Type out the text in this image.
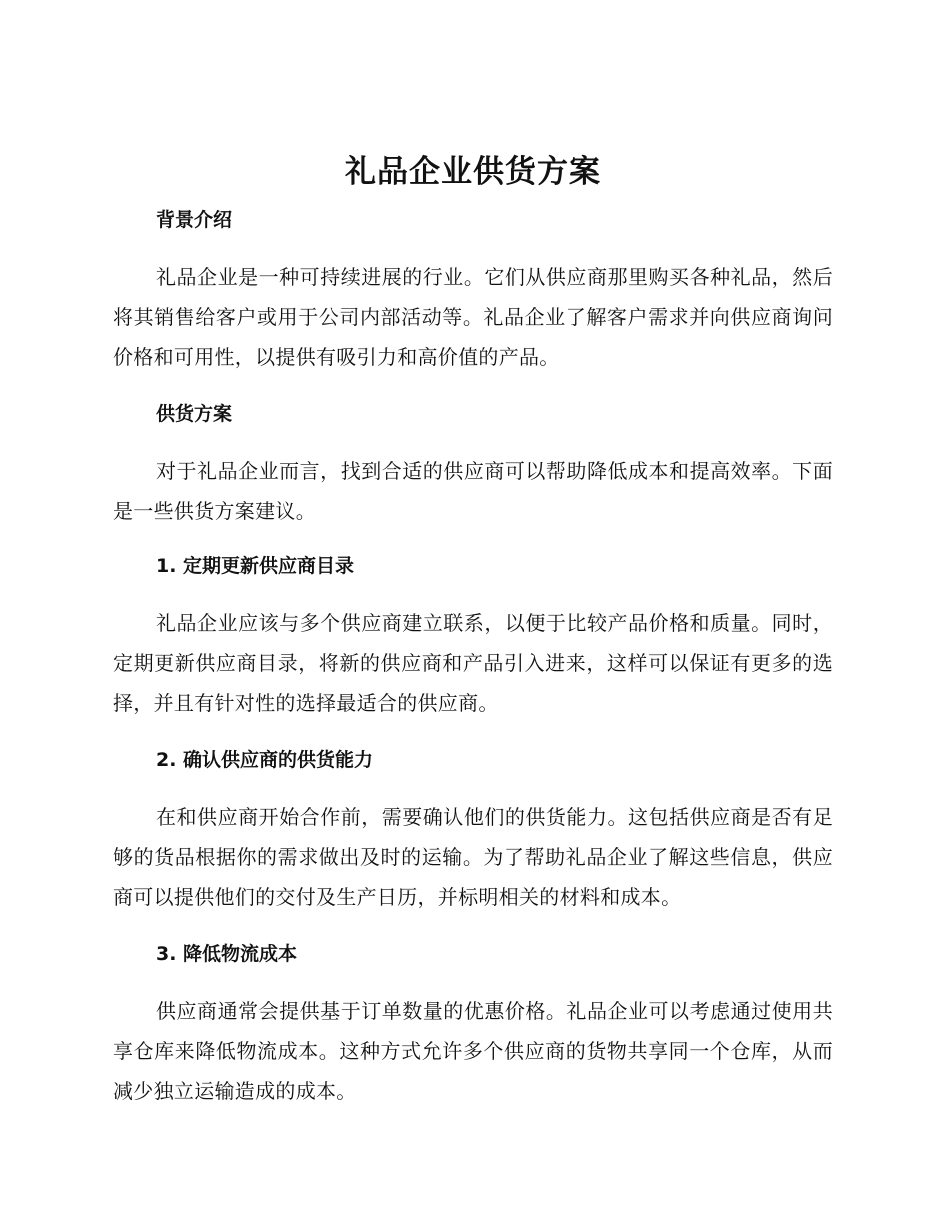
礼品企业供货方案
背景介绍

礼品企业是一种可持续进展的行业。它们从供应商那里购买各种礼品，然后将其销售给客户或用于公司内部活动等。礼品企业了解客户需求并向供应商询问价格和可用性，以提供有吸引力和高价值的产品。

供货方案

对于礼品企业而言，找到合适的供应商可以帮助降低成本和提高效率。下面是一些供货方案建议。

1. 定期更新供应商目录

礼品企业应该与多个供应商建立联系，以便于比较产品价格和质量。同时，定期更新供应商目录，将新的供应商和产品引入进来，这样可以保证有更多的选择，并且有针对性的选择最适合的供应商。

2. 确认供应商的供货能力

在和供应商开始合作前，需要确认他们的供货能力。这包括供应商是否有足够的货品根据你的需求做出及时的运输。为了帮助礼品企业了解这些信息，供应商可以提供他们的交付及生产日历，并标明相关的材料和成本。

3. 降低物流成本

供应商通常会提供基于订单数量的优惠价格。礼品企业可以考虑通过使用共享仓库来降低物流成本。这种方式允许多个供应商的货物共享同一个仓库，从而减少独立运输造成的成本。
